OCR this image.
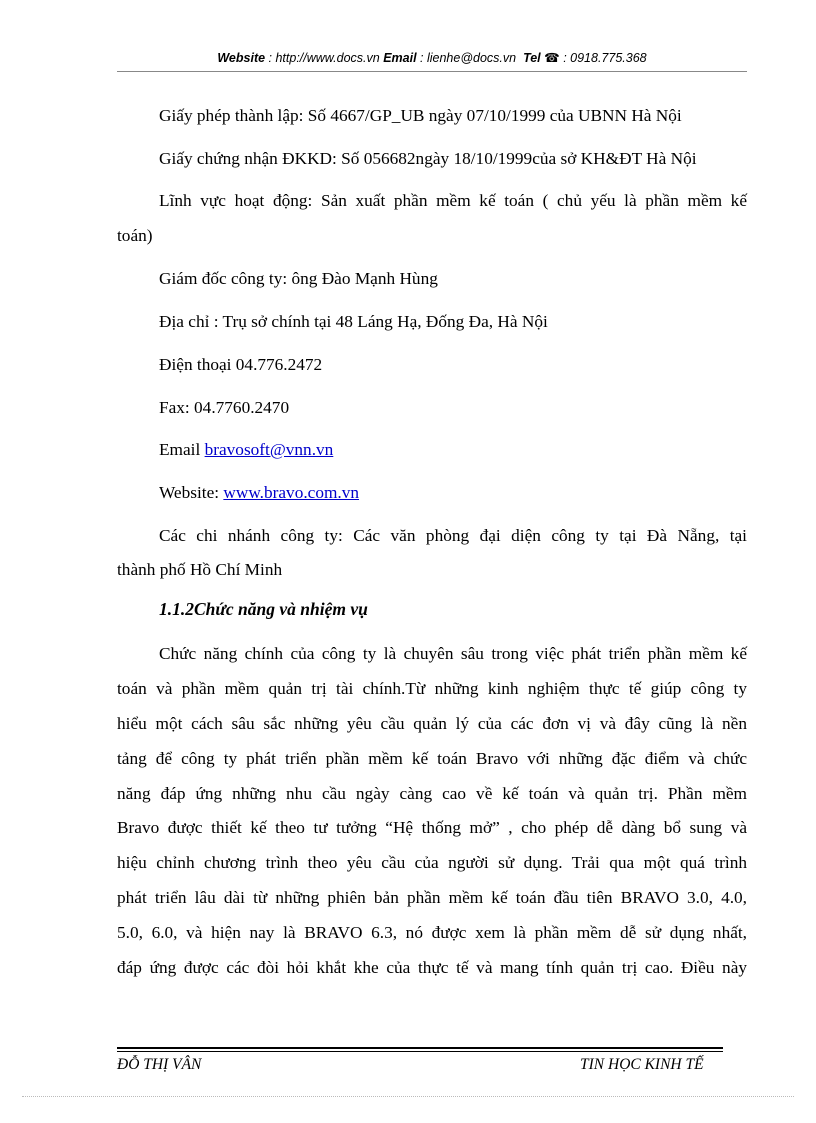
Website : http://www.docs.vn Email : lienhe@docs.vn Tel ☎ : 0918.775.368
Giấy phép thành lập: Số 4667/GP_UB ngày 07/10/1999 của UBNN Hà Nội
Giấy chứng nhận ĐKKD: Số 056682ngày 18/10/1999của sở KH&ĐT Hà Nội
Lĩnh vực hoạt động: Sản xuất phần mềm kế toán ( chủ yếu là phần mềm kế
toán)
Giám đốc công ty: ông Đào Mạnh Hùng
Địa chỉ : Trụ sở chính tại 48 Láng Hạ, Đống Đa, Hà Nội
Điện thoại 04.776.2472
Fax: 04.7760.2470
Email bravosoft@vnn.vn
Website: www.bravo.com.vn
Các chi nhánh công ty: Các văn phòng đại diện công ty tại Đà Nẵng, tại
thành phố Hồ Chí Minh
1.1.2Chức năng và nhiệm vụ
Chức năng chính của công ty là chuyên sâu trong việc phát triển phần mềm kế
toán và phần mềm quản trị tài chính.Từ những kinh nghiệm thực tế giúp công ty
hiểu một cách sâu sắc những yêu cầu quản lý của các đơn vị và đây cũng là nền
tảng để công ty phát triển phần mềm kế toán Bravo với những đặc điểm và chức
năng đáp ứng những nhu cầu ngày càng cao về kế toán và quản trị. Phần mềm
Bravo được thiết kế theo tư tưởng “Hệ thống mở” , cho phép dễ dàng bổ sung và
hiệu chỉnh chương trình theo yêu cầu của người sử dụng. Trải qua một quá trình
phát triển lâu dài từ những phiên bản phần mềm kế toán đầu tiên BRAVO 3.0, 4.0,
5.0, 6.0, và hiện nay là BRAVO 6.3, nó được xem là phần mềm dễ sử dụng nhất,
đáp ứng được các đòi hỏi khắt khe của thực tế và mang tính quản trị cao. Điều này
ĐỖ THỊ VÂN	TIN HỌC KINH TẾ
